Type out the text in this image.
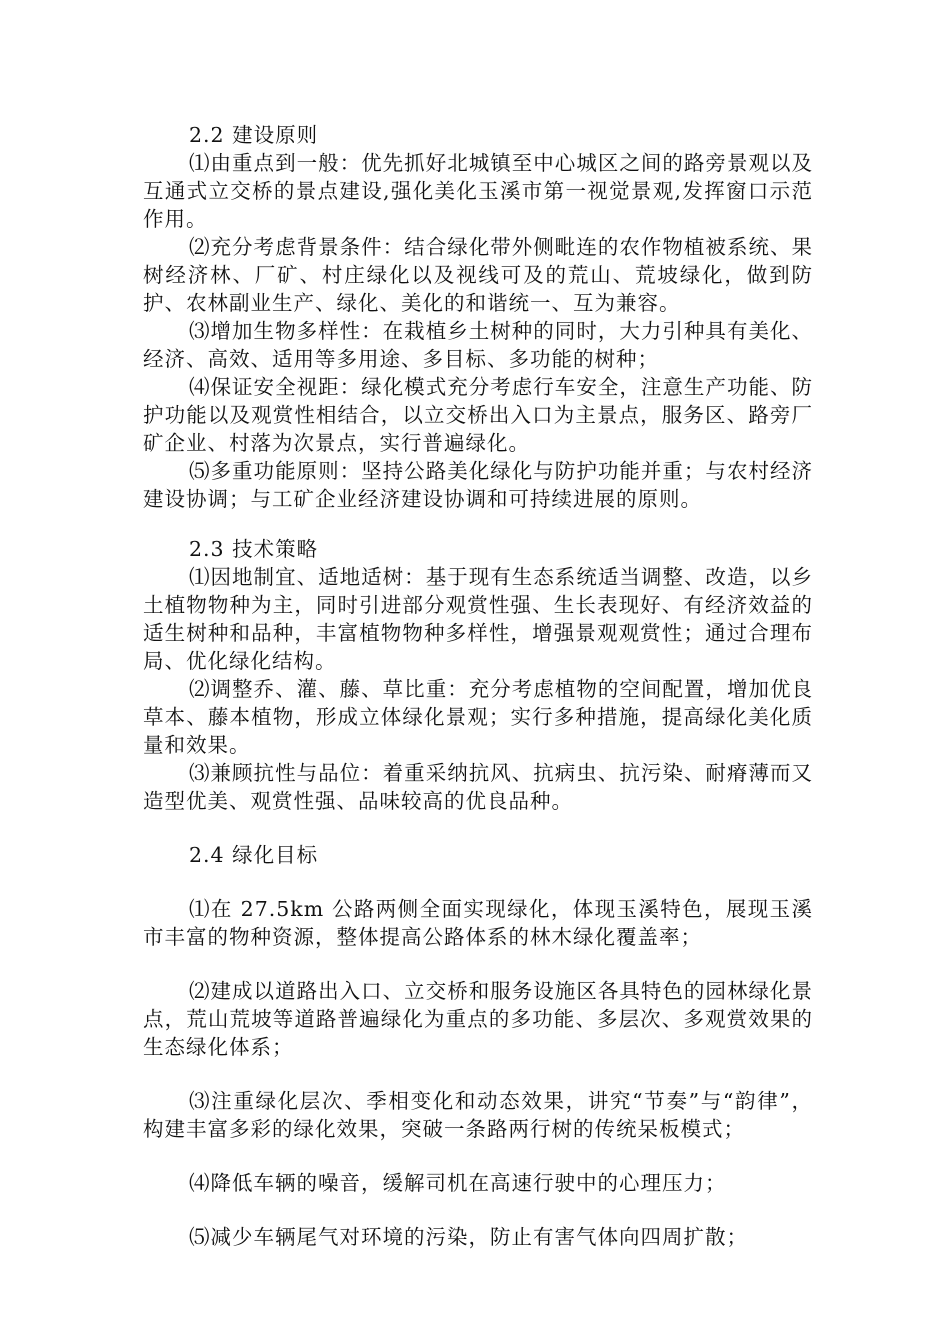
2.2 建设原则

⑴由重点到一般：优先抓好北城镇至中心城区之间的路旁景观以及互通式立交桥的景点建设,强化美化玉溪市第一视觉景观,发挥窗口示范作用。

⑵充分考虑背景条件：结合绿化带外侧毗连的农作物植被系统、果树经济林、厂矿、村庄绿化以及视线可及的荒山、荒坡绿化，做到防护、农林副业生产、绿化、美化的和谐统一、互为兼容。

⑶增加生物多样性：在栽植乡土树种的同时，大力引种具有美化、经济、高效、适用等多用途、多目标、多功能的树种；

⑷保证安全视距：绿化模式充分考虑行车安全，注意生产功能、防护功能以及观赏性相结合，以立交桥出入口为主景点，服务区、路旁厂矿企业、村落为次景点，实行普遍绿化。

⑸多重功能原则：坚持公路美化绿化与防护功能并重；与农村经济建设协调；与工矿企业经济建设协调和可持续进展的原则。

2.3 技术策略

⑴因地制宜、适地适树：基于现有生态系统适当调整、改造，以乡土植物物种为主，同时引进部分观赏性强、生长表现好、有经济效益的适生树种和品种，丰富植物物种多样性，增强景观观赏性；通过合理布局、优化绿化结构。

⑵调整乔、灌、藤、草比重：充分考虑植物的空间配置，增加优良草本、藤本植物，形成立体绿化景观；实行多种措施，提高绿化美化质量和效果。

⑶兼顾抗性与品位：着重采纳抗风、抗病虫、抗污染、耐瘠薄而又造型优美、观赏性强、品味较高的优良品种。

2.4 绿化目标

⑴在 27.5km 公路两侧全面实现绿化，体现玉溪特色，展现玉溪市丰富的物种资源，整体提高公路体系的林木绿化覆盖率；

⑵建成以道路出入口、立交桥和服务设施区各具特色的园林绿化景点，荒山荒坡等道路普遍绿化为重点的多功能、多层次、多观赏效果的生态绿化体系；

⑶注重绿化层次、季相变化和动态效果，讲究“节奏”与“韵律”，构建丰富多彩的绿化效果，突破一条路两行树的传统呆板模式；

⑷降低车辆的噪音，缓解司机在高速行驶中的心理压力；

⑸减少车辆尾气对环境的污染，防止有害气体向四周扩散；
